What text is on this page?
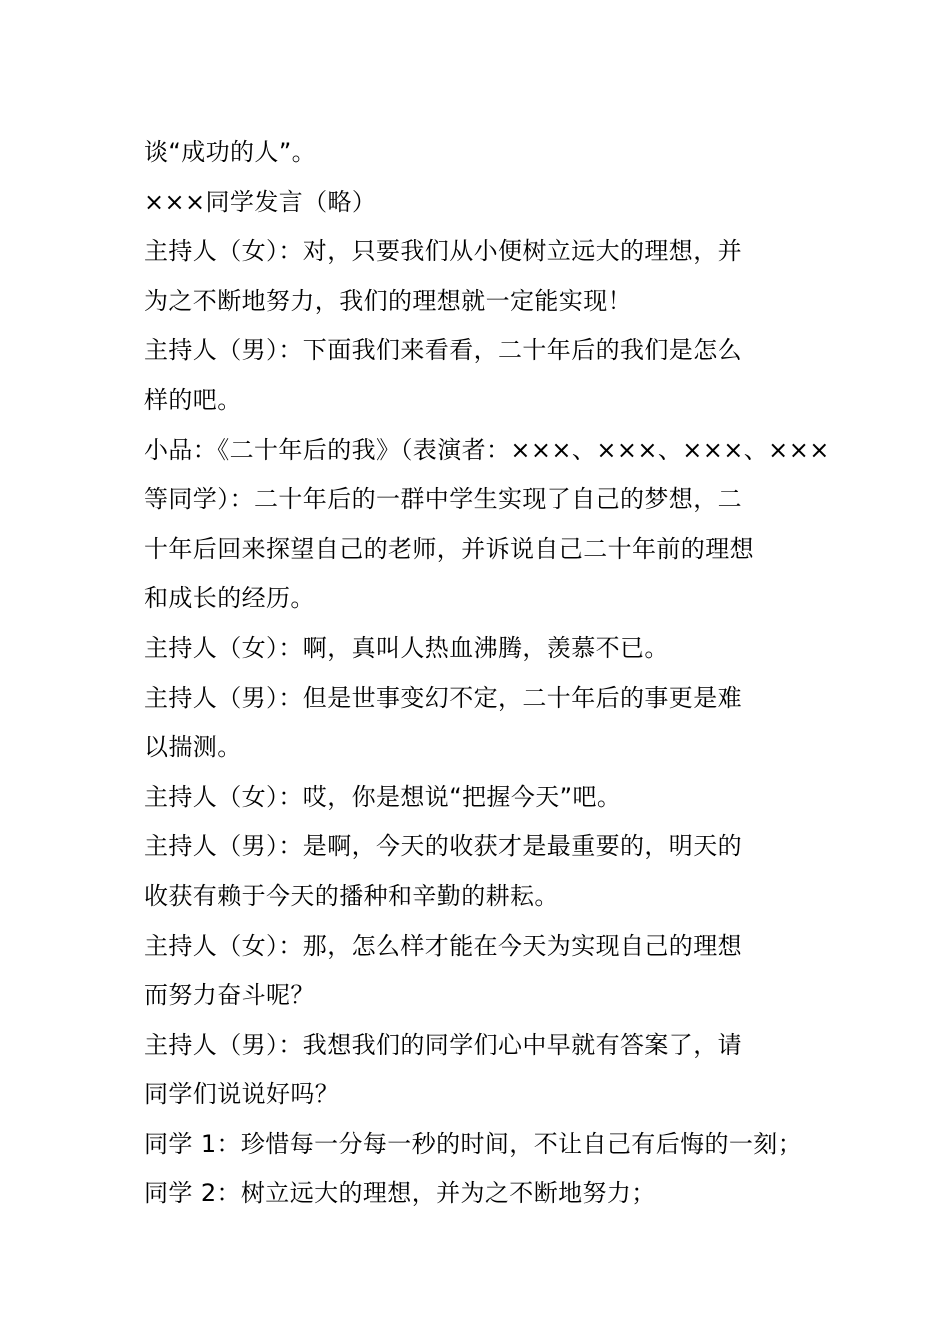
谈“成功的人”。
×××同学发言（略）
主持人（女）：对，只要我们从小便树立远大的理想，并
为之不断地努力，我们的理想就一定能实现！
主持人（男）：下面我们来看看，二十年后的我们是怎么
样的吧。
小品：《二十年后的我》（表演者：×××、×××、×××、×××
等同学）：二十年后的一群中学生实现了自己的梦想，二
十年后回来探望自己的老师，并诉说自己二十年前的理想
和成长的经历。
主持人（女）：啊，真叫人热血沸腾，羡慕不已。
主持人（男）：但是世事变幻不定，二十年后的事更是难
以揣测。
主持人（女）：哎，你是想说“把握今天”吧。
主持人（男）：是啊，今天的收获才是最重要的，明天的
收获有赖于今天的播种和辛勤的耕耘。
主持人（女）：那，怎么样才能在今天为实现自己的理想
而努力奋斗呢？
主持人（男）：我想我们的同学们心中早就有答案了，请
同学们说说好吗？
同学 1：珍惜每一分每一秒的时间，不让自己有后悔的一刻；
同学 2：树立远大的理想，并为之不断地努力；
